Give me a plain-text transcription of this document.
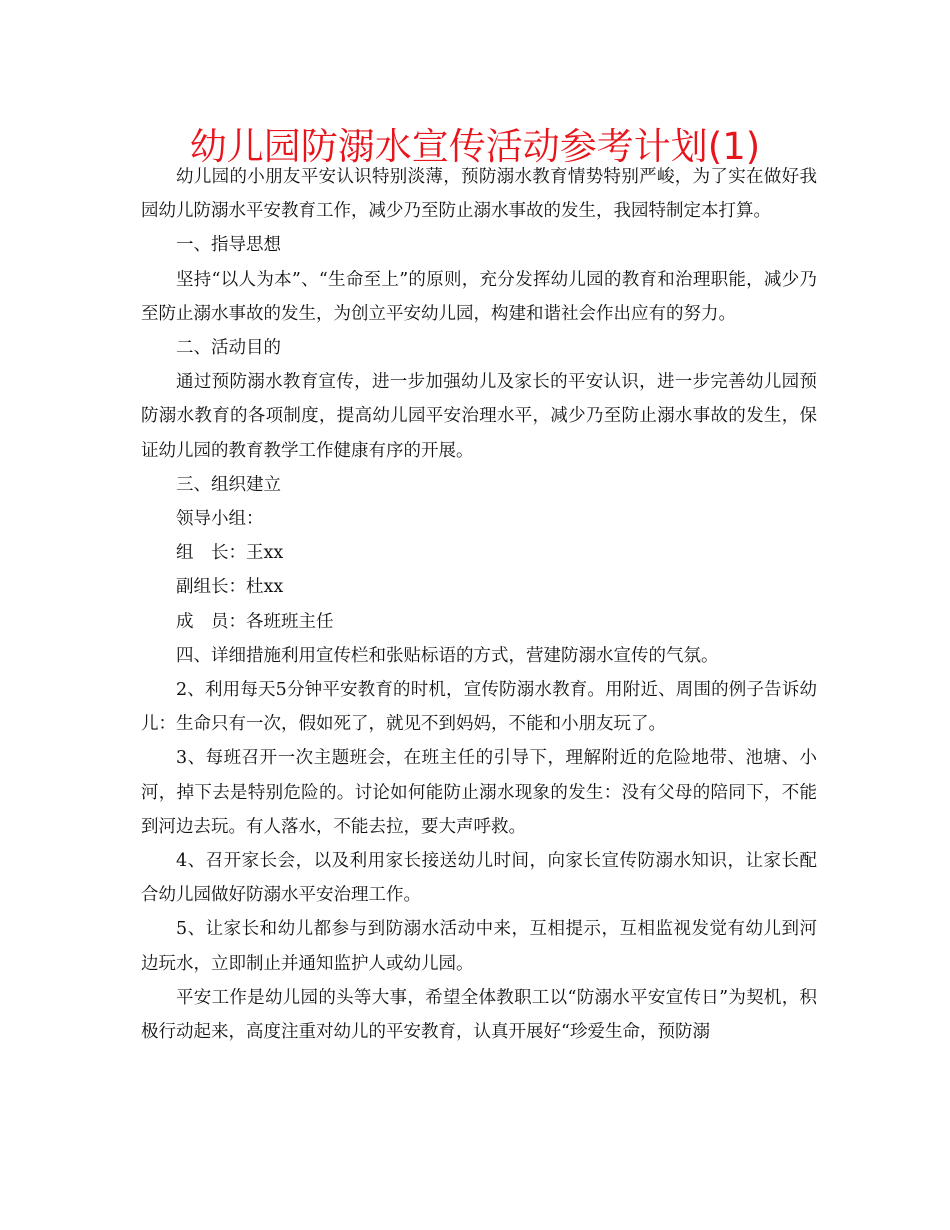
幼儿园防溺水宣传活动参考计划(1)

幼儿园的小朋友平安认识特别淡薄，预防溺水教育情势特别严峻，为了实在做好我园幼儿防溺水平安教育工作，减少乃至防止溺水事故的发生，我园特制定本打算。

一、指导思想

坚持“以人为本”、“生命至上”的原则，充分发挥幼儿园的教育和治理职能，减少乃至防止溺水事故的发生，为创立平安幼儿园，构建和谐社会作出应有的努力。

二、活动目的

通过预防溺水教育宣传，进一步加强幼儿及家长的平安认识，进一步完善幼儿园预防溺水教育的各项制度，提高幼儿园平安治理水平，减少乃至防止溺水事故的发生，保证幼儿园的教育教学工作健康有序的开展。

三、组织建立

领导小组：

组　长：王xx

副组长：杜xx

成　员：各班班主任

四、详细措施利用宣传栏和张贴标语的方式，营建防溺水宣传的气氛。

2、利用每天5分钟平安教育的时机，宣传防溺水教育。用附近、周围的例子告诉幼儿：生命只有一次，假如死了，就见不到妈妈，不能和小朋友玩了。

3、每班召开一次主题班会，在班主任的引导下，理解附近的危险地带、池塘、小河，掉下去是特别危险的。讨论如何能防止溺水现象的发生：没有父母的陪同下，不能到河边去玩。有人落水，不能去拉，要大声呼救。

4、召开家长会，以及利用家长接送幼儿时间，向家长宣传防溺水知识，让家长配合幼儿园做好防溺水平安治理工作。

5、让家长和幼儿都参与到防溺水活动中来，互相提示，互相监视发觉有幼儿到河边玩水，立即制止并通知监护人或幼儿园。

平安工作是幼儿园的头等大事，希望全体教职工以“防溺水平安宣传日”为契机，积极行动起来，高度注重对幼儿的平安教育，认真开展好“珍爱生命，预防溺
